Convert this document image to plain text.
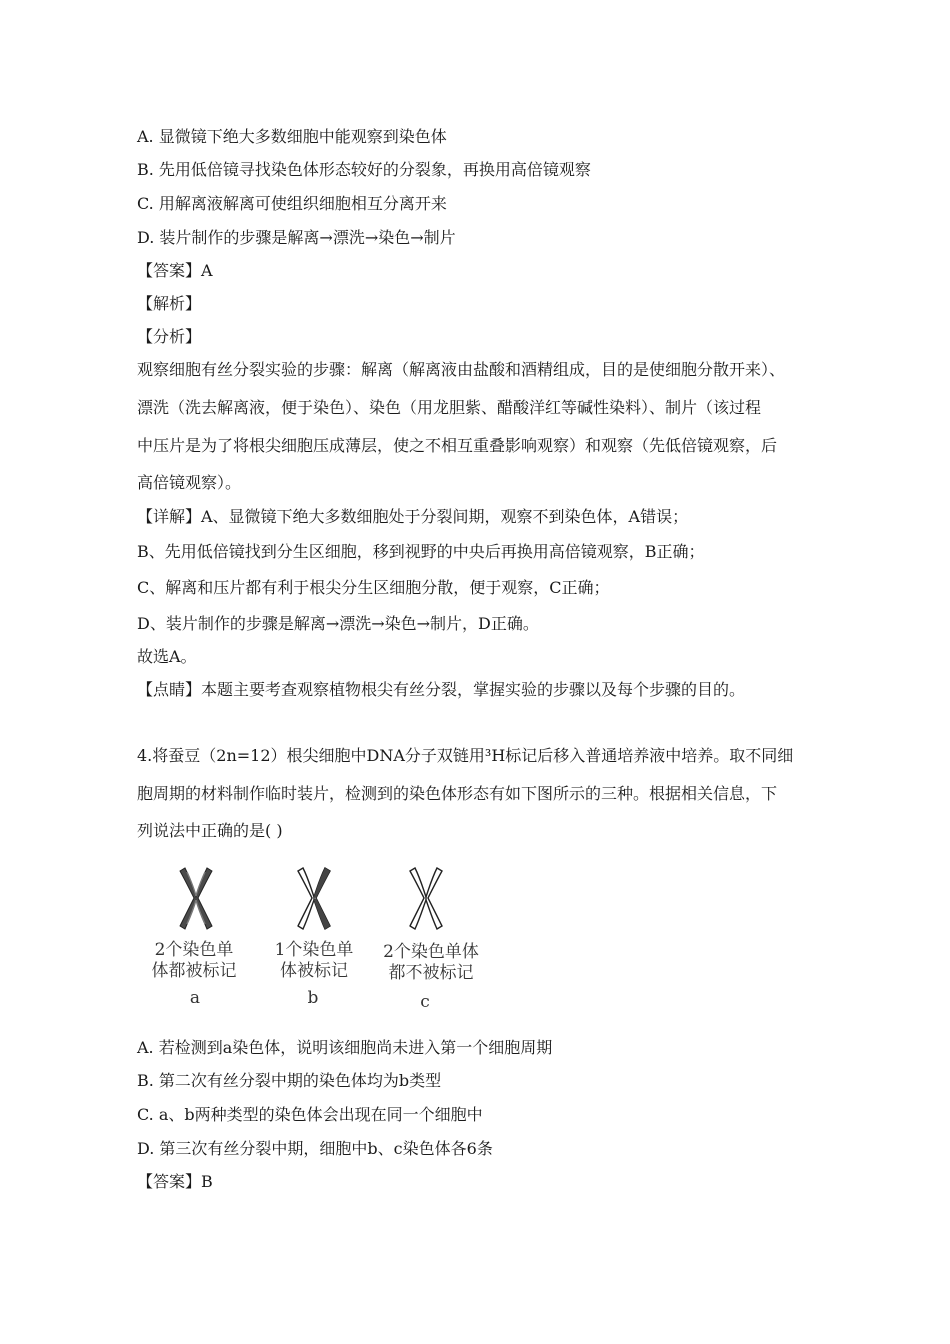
A. 显微镜下绝大多数细胞中能观察到染色体
B. 先用低倍镜寻找染色体形态较好的分裂象，再换用高倍镜观察
C. 用解离液解离可使组织细胞相互分离开来
D. 装片制作的步骤是解离→漂洗→染色→制片
【答案】A
【解析】
【分析】
观察细胞有丝分裂实验的步骤：解离（解离液由盐酸和酒精组成，目的是使细胞分散开来）、
漂洗（洗去解离液，便于染色）、染色（用龙胆紫、醋酸洋红等碱性染料）、制片（该过程
中压片是为了将根尖细胞压成薄层，使之不相互重叠影响观察）和观察（先低倍镜观察，后
高倍镜观察）。
【详解】A、显微镜下绝大多数细胞处于分裂间期，观察不到染色体，A错误；
B、先用低倍镜找到分生区细胞，移到视野的中央后再换用高倍镜观察，B正确；
C、解离和压片都有利于根尖分生区细胞分散，便于观察，C正确；
D、装片制作的步骤是解离→漂洗→染色→制片，D正确。
故选A。
【点睛】本题主要考查观察植物根尖有丝分裂，掌握实验的步骤以及每个步骤的目的。
4.将蚕豆（2n=12）根尖细胞中DNA分子双链用³H标记后移入普通培养液中培养。取不同细
胞周期的材料制作临时装片，检测到的染色体形态有如下图所示的三种。根据相关信息，下
列说法中正确的是( )
2个染色单
体都被标记
a
1个染色单
体被标记
b
2个染色单体
都不被标记
c
A. 若检测到a染色体，说明该细胞尚未进入第一个细胞周期
B. 第二次有丝分裂中期的染色体均为b类型
C. a、b两种类型的染色体会出现在同一个细胞中
D. 第三次有丝分裂中期，细胞中b、c染色体各6条
【答案】B
